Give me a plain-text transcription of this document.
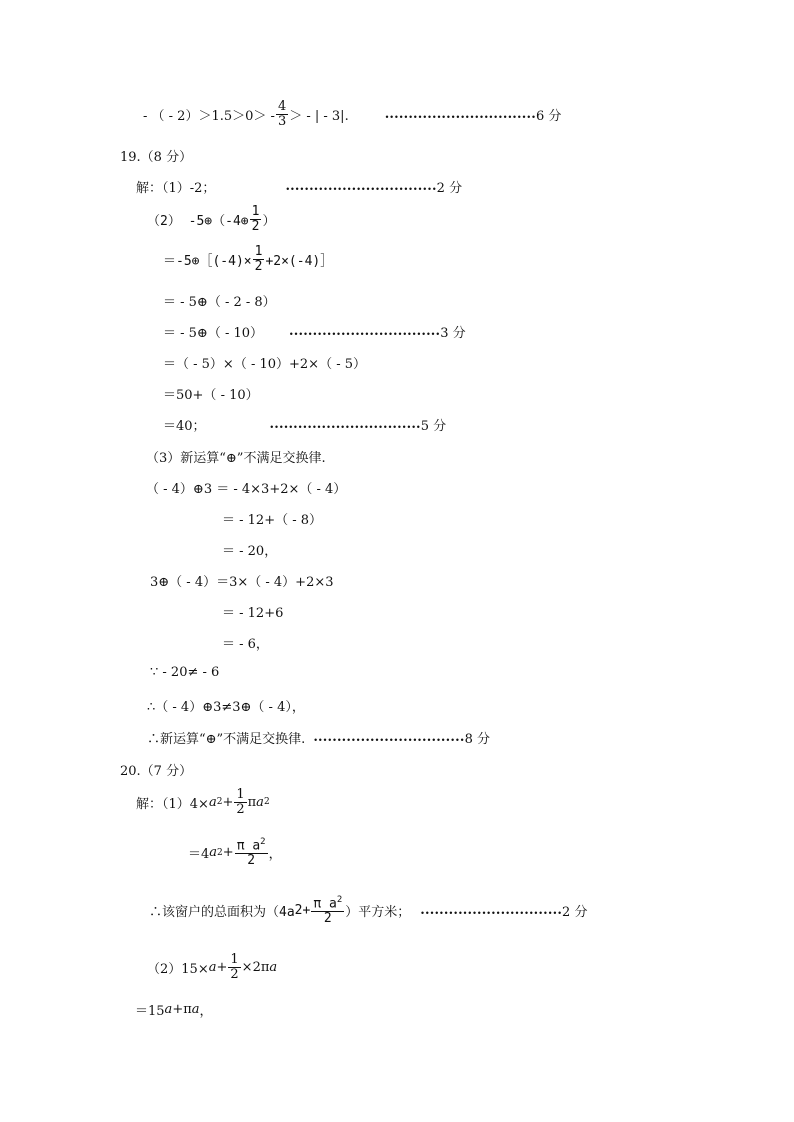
- （ - $2)>1.5>0> - \frac{4}{3}$ ＞ - | - 3|.	................................ 6 分
19.（8 分）
解：（1）-2；	................................ 2 分
（2） -5⊕（-4⊕ $\frac{1}{2}$ ）
＝-5⊕［(-4)× $\frac{1}{2}$ +2×(-4)］
＝ - 5⊕（ - 2 - 8）
＝ - 5⊕（ - 10） ................................ 3 分
＝（ - 5）×（ - 10）+2×（ - 5）
＝50+（ - 10）
＝40；	................................ 5 分
（3）新运算“⊕”不满足交换律.
（ - 4）⊕3 ＝ - 4×3+2×（ - 4）
＝ - 12+（ - 8）
＝ - 20，
3⊕（ - 4）＝3×（ - 4）+2×3
＝ - 12+6
＝ - 6，
∵ - 20≠ - 6
∴（ - 4）⊕3≠3⊕（ - 4），
∴新运算“⊕”不满足交换律. ................................ 8 分
20.（7 分）
解：（1）4× a $2 + \frac{1}{2}$ π a 2
＝4 a $2 + \frac{\pi a^2}{2}$ ，
∴该窗户的总面积为 （4a $2 + \frac{\pi a^2}{2}$ ） 平方米； .............................. 2 分
$(2)15\times a + \frac{1}{2} \times 2\pi$ a
＝15 a +π a ，
